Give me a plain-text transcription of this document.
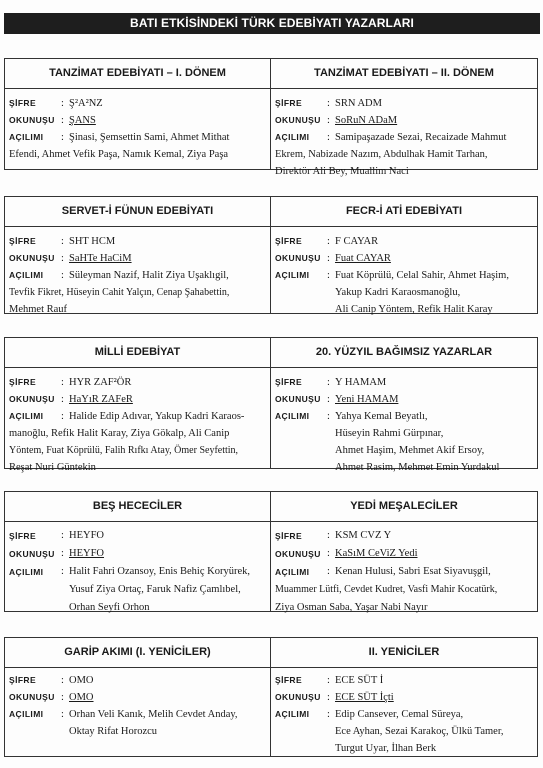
BATI ETKİSİNDEKİ TÜRK EDEBİYATI YAZARLARI
TANZİMAT EDEBİYATI – I. DÖNEM
ŞİFRE : Ş²A²NZ
OKUNUŞU : ŞANS
AÇILIMI : Şinasi, Şemsettin Sami, Ahmet Mithat
Efendi, Ahmet Vefik Paşa, Namık Kemal, Ziya Paşa
TANZİMAT EDEBİYATI – II. DÖNEM
ŞİFRE : SRN ADM
OKUNUŞU : SoRuN ADaM
AÇILIMI : Samipaşazade Sezai, Recaizade Mahmut
Ekrem, Nabizade Nazım, Abdulhak Hamit Tarhan,
Direktör Ali Bey, Muallim Naci
SERVET-İ FÜNUN EDEBİYATI
ŞİFRE : SHT HCM
OKUNUŞU : SaHTe HaCiM
AÇILIMI : Süleyman Nazif, Halit Ziya Uşaklıgil,
Tevfik Fikret, Hüseyin Cahit Yalçın, Cenap Şahabettin,
Mehmet Rauf
FECR-İ ATİ EDEBİYATI
ŞİFRE : F CAYAR
OKUNUŞU : Fuat CAYAR
AÇILIMI : Fuat Köprülü, Celal Sahir, Ahmet Haşim,
Yakup Kadri Karaosmanoğlu,
Ali Canip Yöntem, Refik Halit Karay
MİLLİ EDEBİYAT
ŞİFRE : HYR ZAF²ÖR
OKUNUŞU : HaYıR ZAFeR
AÇILIMI : Halide Edip Adıvar, Yakup Kadri Karaos-
manoğlu, Refik Halit Karay, Ziya Gökalp, Ali Canip
Yöntem, Fuat Köprülü, Falih Rıfkı Atay, Ömer Seyfettin,
Reşat Nuri Güntekin
20. YÜZYIL BAĞIMSIZ YAZARLAR
ŞİFRE : Y HAMAM
OKUNUŞU : Yeni HAMAM
AÇILIMI : Yahya Kemal Beyatlı,
Hüseyin Rahmi Gürpınar,
Ahmet Haşim, Mehmet Akif Ersoy,
Ahmet Rasim, Mehmet Emin Yurdakul
BEŞ HECECİLER
ŞİFRE : HEYFO
OKUNUŞU : HEYFO
AÇILIMI : Halit Fahri Ozansoy, Enis Behiç Koryürek,
Yusuf Ziya Ortaç, Faruk Nafiz Çamlıbel,
Orhan Seyfi Orhon
YEDİ MEŞALECİLER
ŞİFRE : KSM CVZ Y
OKUNUŞU : KaSıM CeViZ Yedi
AÇILIMI : Kenan Hulusi, Sabri Esat Siyavuşgil,
Muammer Lütfi, Cevdet Kudret, Vasfi Mahir Kocatürk,
Ziya Osman Saba, Yaşar Nabi Nayır
GARİP AKIMI (I. YENİCİLER)
ŞİFRE : OMO
OKUNUŞU : OMO
AÇILIMI : Orhan Veli Kanık, Melih Cevdet Anday,
Oktay Rifat Horozcu
II. YENİCİLER
ŞİFRE : ECE SÜT İ
OKUNUŞU : ECE SÜT İçti
AÇILIMI : Edip Cansever, Cemal Süreya,
Ece Ayhan, Sezai Karakoç, Ülkü Tamer,
Turgut Uyar, İlhan Berk
